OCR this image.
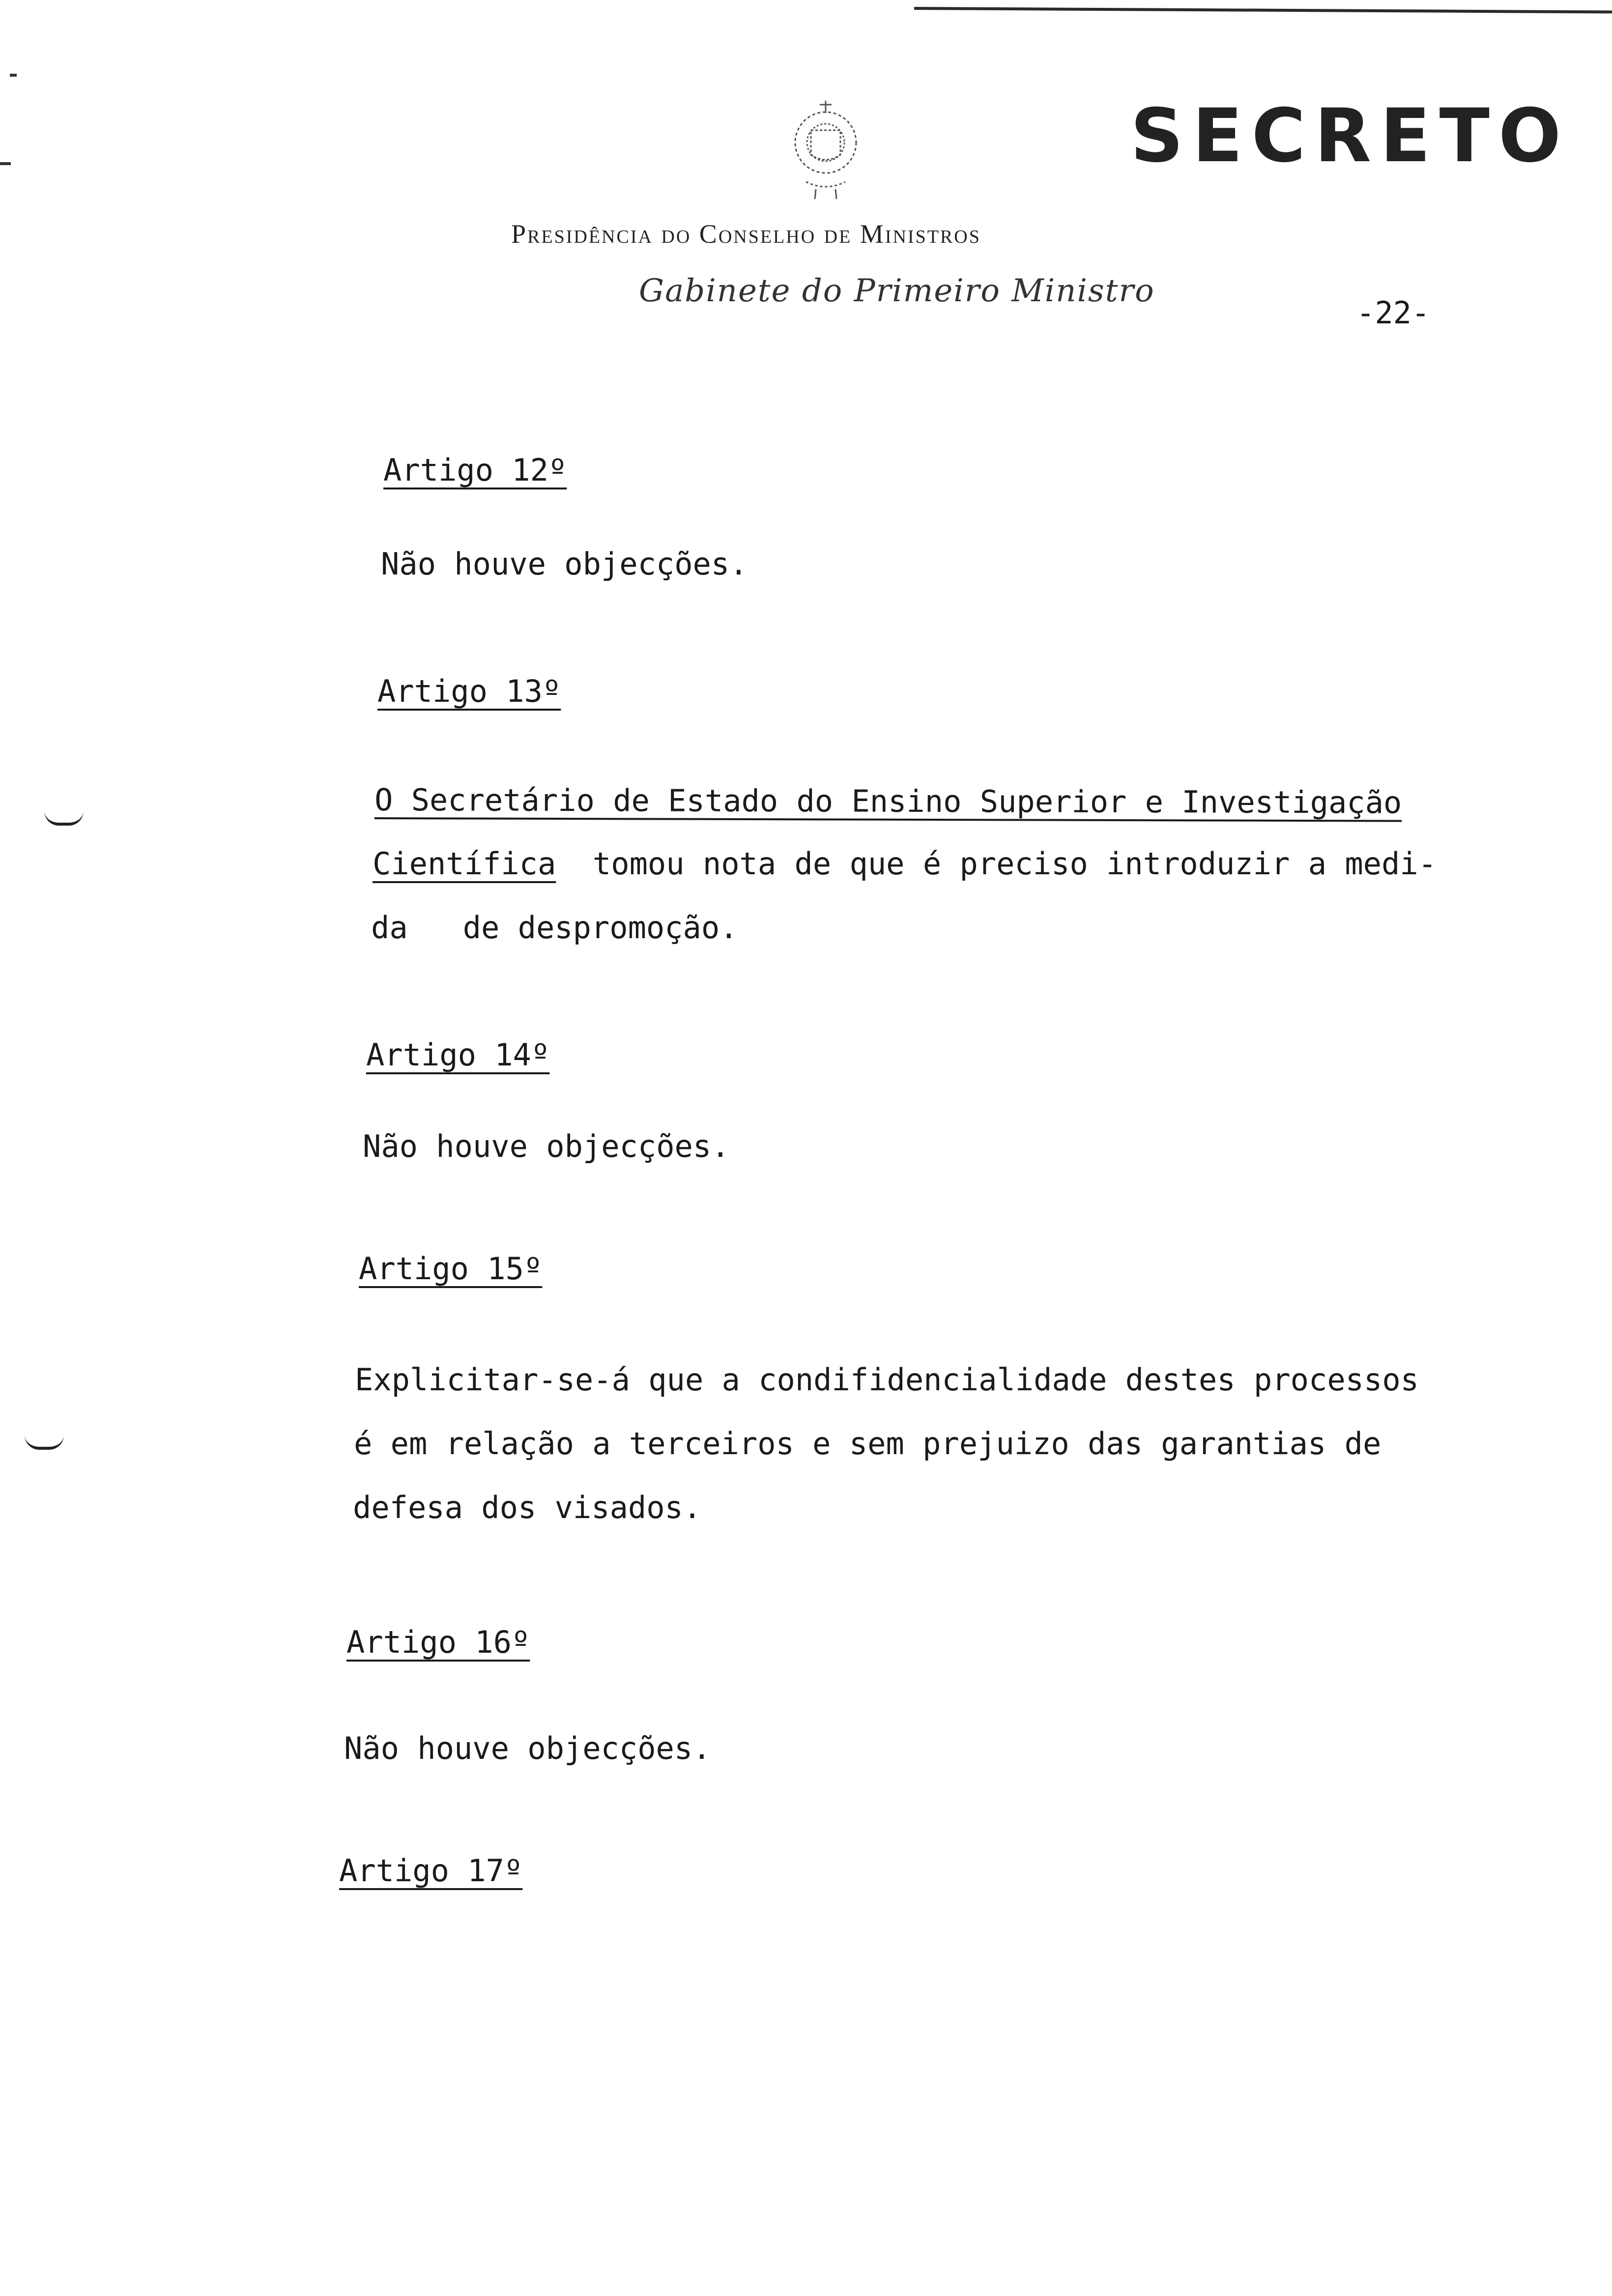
SECRETO
Presidência do Conselho de Ministros
Gabinete do Primeiro Ministro
-22-
Artigo 12º
Não houve objecções.
Artigo 13º
O Secretário de Estado do Ensino Superior e Investigação
Científica  tomou nota de que é preciso introduzir a medi-
da   de despromoção.
Artigo 14º
Não houve objecções.
Artigo 15º
Explicitar-se-á que a condifidencialidade destes processos
é em relação a terceiros e sem prejuizo das garantias de
defesa dos visados.
Artigo 16º
Não houve objecções.
Artigo 17º
